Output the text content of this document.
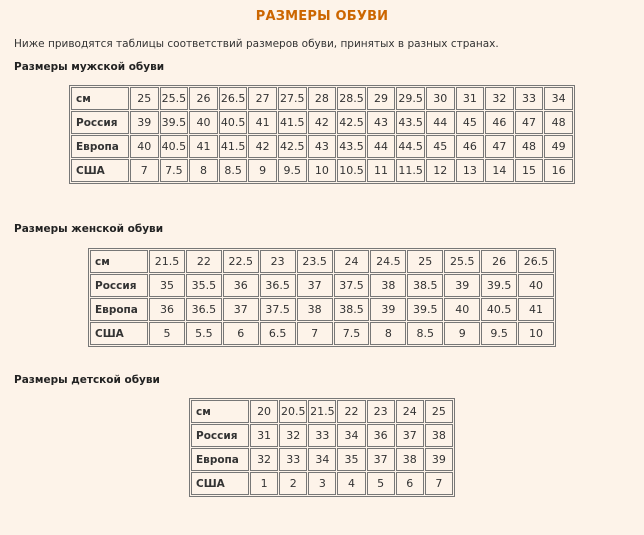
РАЗМЕРЫ ОБУВИ
Ниже приводятся таблицы соответствий размеров обуви, принятых в разных странах.
Размеры мужской обуви
см	25	25.5	26	26.5	27	27.5	28	28.5	29	29.5	30	31	32	33	34
Россия	39	39.5	40	40.5	41	41.5	42	42.5	43	43.5	44	45	46	47	48
Европа	40	40.5	41	41.5	42	42.5	43	43.5	44	44.5	45	46	47	48	49
США	7	7.5	8	8.5	9	9.5	10	10.5	11	11.5	12	13	14	15	16
Размеры женской обуви
см	21.5	22	22.5	23	23.5	24	24.5	25	25.5	26	26.5
Россия	35	35.5	36	36.5	37	37.5	38	38.5	39	39.5	40
Европа	36	36.5	37	37.5	38	38.5	39	39.5	40	40.5	41
США	5	5.5	6	6.5	7	7.5	8	8.5	9	9.5	10
Размеры детской обуви
см	20	20.5	21.5	22	23	24	25
Россия	31	32	33	34	36	37	38
Европа	32	33	34	35	37	38	39
США	1	2	3	4	5	6	7
